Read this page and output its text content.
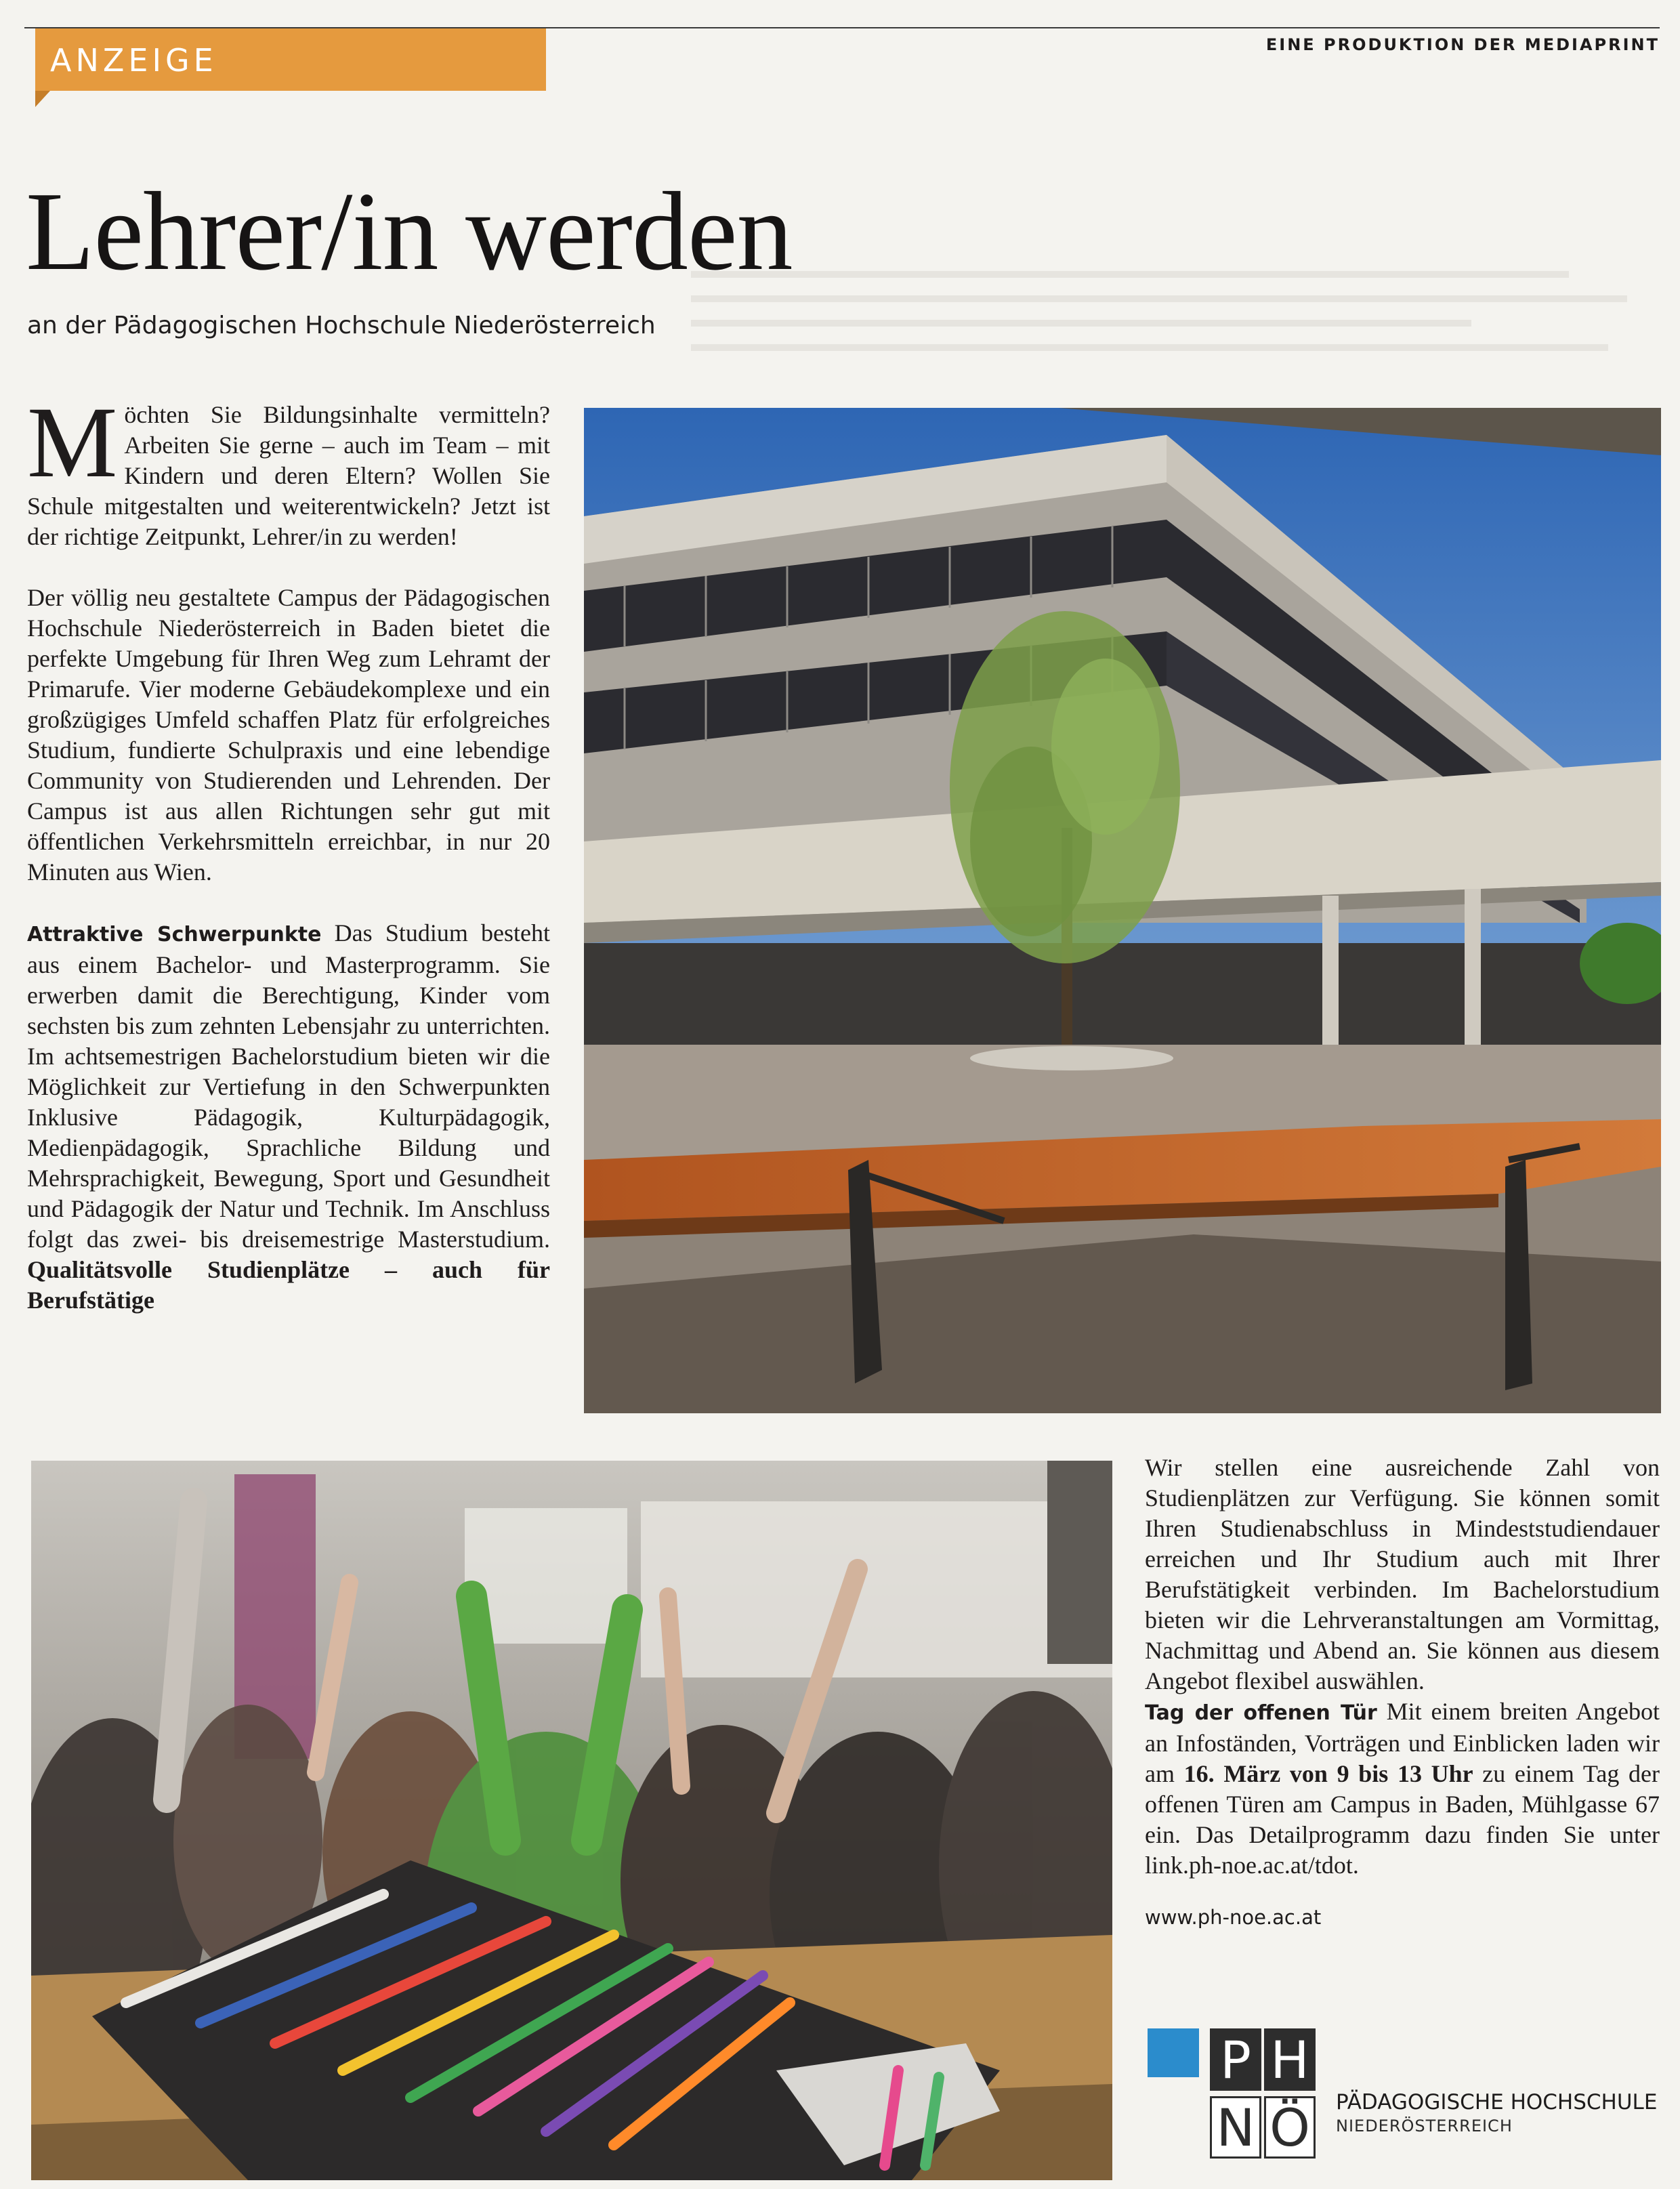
ANZEIGE	EINE PRODUKTION DER MEDIAPRINT
Lehrer/in werden
an der Pädagogischen Hochschule Niederösterreich

Möchten Sie Bildungsinhalte vermitteln? Arbeiten Sie gerne – auch im Team – mit Kindern und deren Eltern? Wollen Sie Schule mitgestalten und weiterentwickeln? Jetzt ist der richtige Zeitpunkt, Lehrer/in zu werden!

Der völlig neu gestaltete Campus der Pädagogischen Hochschule Niederösterreich in Baden bietet die perfekte Umgebung für Ihren Weg zum Lehramt der Primarufe. Vier moderne Gebäudekomplexe und ein großzügiges Umfeld schaffen Platz für erfolgreiches Studium, fundierte Schulpraxis und eine lebendige Community von Studierenden und Lehrenden. Der Campus ist aus allen Richtungen sehr gut mit öffentlichen Verkehrsmitteln erreichbar, in nur 20 Minuten aus Wien.

Attraktive Schwerpunkte Das Studium besteht aus einem Bachelor- und Masterprogramm. Sie erwerben damit die Berechtigung, Kinder vom sechsten bis zum zehnten Lebensjahr zu unterrichten. Im achtsemestrigen Bachelorstudium bieten wir die Möglichkeit zur Vertiefung in den Schwerpunkten Inklusive Pädagogik, Kulturpädagogik, Medienpädagogik, Sprachliche Bildung und Mehrsprachigkeit, Bewegung, Sport und Gesundheit und Pädagogik der Natur und Technik. Im Anschluss folgt das zwei- bis dreisemestrige Masterstudium. Qualitätsvolle Studienplätze – auch für Berufstätige

Wir stellen eine ausreichende Zahl von Studienplätzen zur Verfügung. Sie können somit Ihren Studienabschluss in Mindeststudiendauer erreichen und Ihr Studium auch mit Ihrer Berufstätigkeit verbinden. Im Bachelorstudium bieten wir die Lehrveranstaltungen am Vormittag, Nachmittag und Abend an. Sie können aus diesem Angebot flexibel auswählen.
Tag der offenen Tür Mit einem breiten Angebot an Infoständen, Vorträgen und Einblicken laden wir am 16. März von 9 bis 13 Uhr zu einem Tag der offenen Türen am Campus in Baden, Mühlgasse 67 ein. Das Detailprogramm dazu finden Sie unter link.ph-noe.ac.at/tdot.

www.ph-noe.ac.at

P H
N Ö PÄDAGOGISCHE HOCHSCHULE
NIEDERÖSTERREICH
